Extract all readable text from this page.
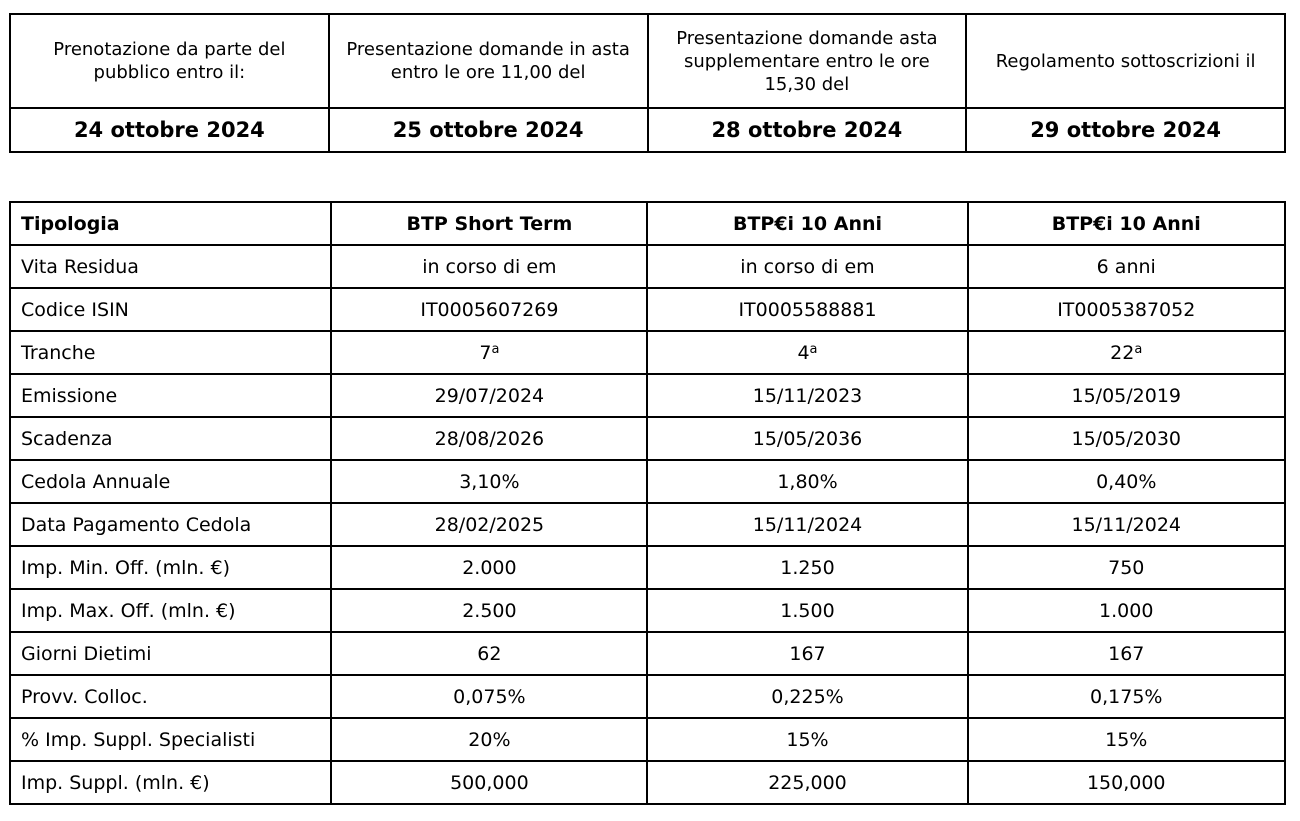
Prenotazione da parte del pubblico entro il:	Presentazione domande in asta entro le ore 11,00 del	Presentazione domande asta supplementare entro le ore 15,30 del	Regolamento sottoscrizioni il
24 ottobre 2024	25 ottobre 2024	28 ottobre 2024	29 ottobre 2024
Tipologia	BTP Short Term	BTP€i 10 Anni	BTP€i 10 Anni
Vita Residua	in corso di em	in corso di em	6 anni
Codice ISIN	IT0005607269	IT0005588881	IT0005387052
Tranche	7$^a$	4$^a$	22$^a$
Emissione	29/07/2024	15/11/2023	15/05/2019
Scadenza	28/08/2026	15/05/2036	15/05/2030
Cedola Annuale	3,10%	1,80%	0,40%
Data Pagamento Cedola	28/02/2025	15/11/2024	15/11/2024
Imp. Min. Off. (mln. €)	2.000	1.250	750
Imp. Max. Off. (mln. €)	2.500	1.500	1.000
Giorni Dietimi	62	167	167
Provv. Colloc.	0,075%	0,225%	0,175%
% Imp. Suppl. Specialisti	20%	15%	15%
Imp. Suppl. (mln. €)	500,000	225,000	150,000
